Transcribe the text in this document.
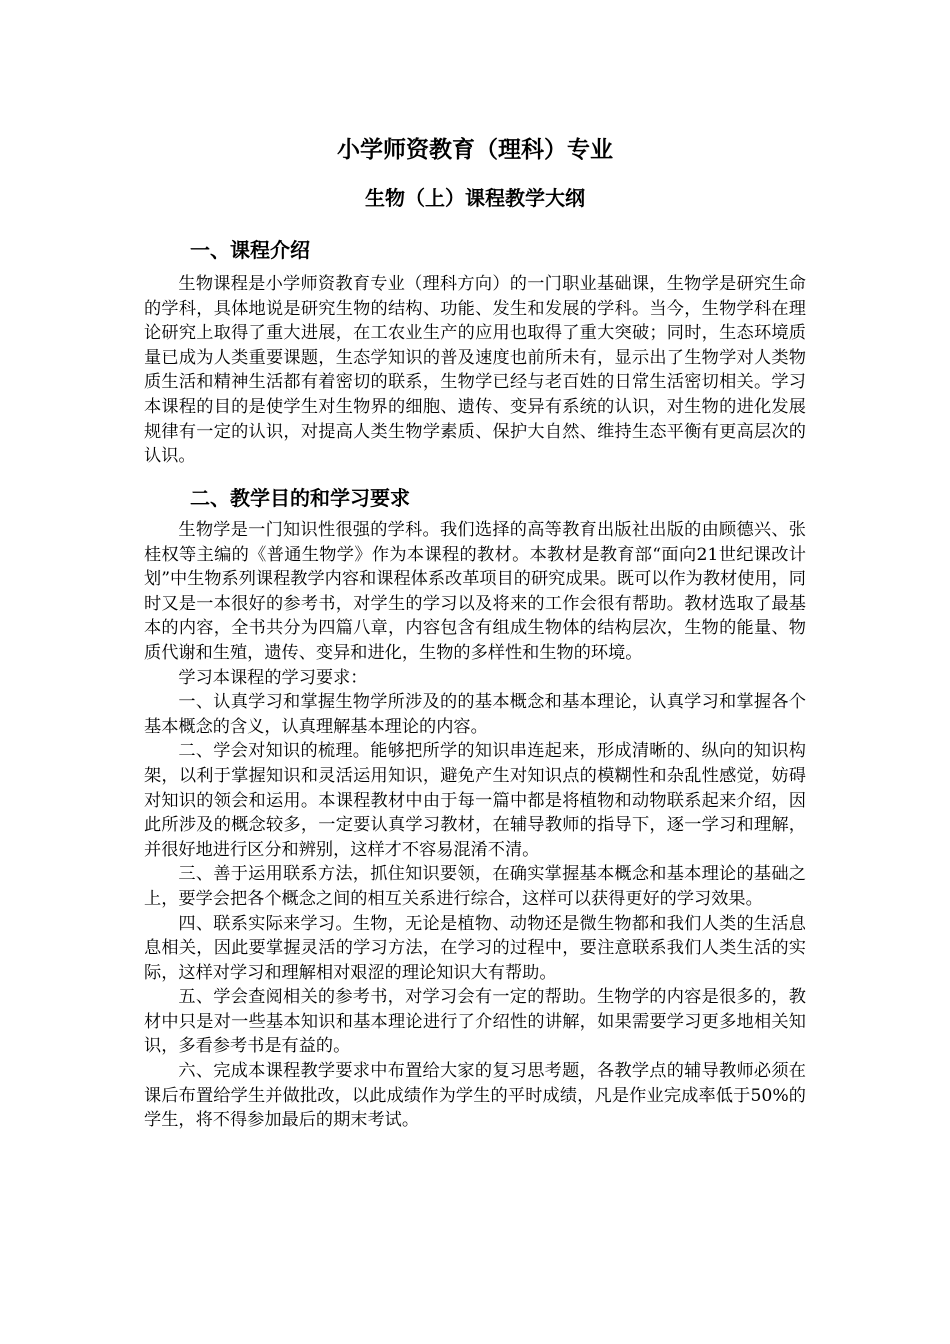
小学师资教育（理科）专业
生物（上）课程教学大纲
一、课程介绍

生物课程是小学师资教育专业（理科方向）的一门职业基础课，生物学是研究生命的学科，具体地说是研究生物的结构、功能、发生和发展的学科。当今，生物学科在理论研究上取得了重大进展，在工农业生产的应用也取得了重大突破；同时，生态环境质量已成为人类重要课题，生态学知识的普及速度也前所未有，显示出了生物学对人类物质生活和精神生活都有着密切的联系，生物学已经与老百姓的日常生活密切相关。学习本课程的目的是使学生对生物界的细胞、遗传、变异有系统的认识，对生物的进化发展规律有一定的认识，对提高人类生物学素质、保护大自然、维持生态平衡有更高层次的认识。

二、教学目的和学习要求

生物学是一门知识性很强的学科。我们选择的高等教育出版社出版的由顾德兴、张桂权等主编的《普通生物学》作为本课程的教材。本教材是教育部“面向21世纪课改计划”中生物系列课程教学内容和课程体系改革项目的研究成果。既可以作为教材使用，同时又是一本很好的参考书，对学生的学习以及将来的工作会很有帮助。教材选取了最基本的内容，全书共分为四篇八章，内容包含有组成生物体的结构层次，生物的能量、物质代谢和生殖，遗传、变异和进化，生物的多样性和生物的环境。

学习本课程的学习要求：

一、认真学习和掌握生物学所涉及的的基本概念和基本理论，认真学习和掌握各个基本概念的含义，认真理解基本理论的内容。

二、学会对知识的梳理。能够把所学的知识串连起来，形成清晰的、纵向的知识构架，以利于掌握知识和灵活运用知识，避免产生对知识点的模糊性和杂乱性感觉，妨碍对知识的领会和运用。本课程教材中由于每一篇中都是将植物和动物联系起来介绍，因此所涉及的概念较多，一定要认真学习教材，在辅导教师的指导下，逐一学习和理解，并很好地进行区分和辨别，这样才不容易混淆不清。

三、善于运用联系方法，抓住知识要领，在确实掌握基本概念和基本理论的基础之上，要学会把各个概念之间的相互关系进行综合，这样可以获得更好的学习效果。

四、联系实际来学习。生物，无论是植物、动物还是微生物都和我们人类的生活息息相关，因此要掌握灵活的学习方法，在学习的过程中，要注意联系我们人类生活的实际，这样对学习和理解相对艰涩的理论知识大有帮助。

五、学会查阅相关的参考书，对学习会有一定的帮助。生物学的内容是很多的，教材中只是对一些基本知识和基本理论进行了介绍性的讲解，如果需要学习更多地相关知识，多看参考书是有益的。

六、完成本课程教学要求中布置给大家的复习思考题，各教学点的辅导教师必须在课后布置给学生并做批改，以此成绩作为学生的平时成绩，凡是作业完成率低于50%的学生，将不得参加最后的期末考试。
